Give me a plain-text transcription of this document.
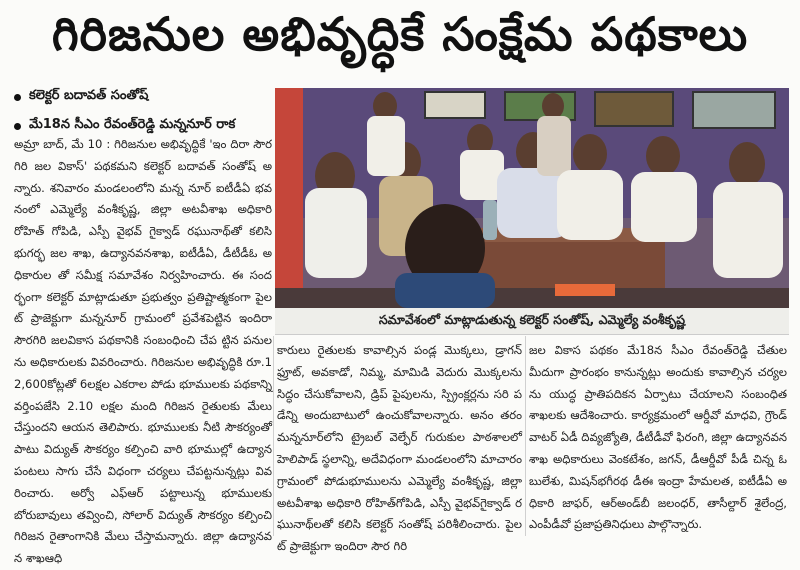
గిరిజనుల అభివృద్ధికే సంక్షేమ పథకాలు
కలెక్టర్ బదావత్ సంతోష్
మే18న సీఎం రేవంత్‌రెడ్డి మన్ననూర్ రాక
అమ్రా బాద్, మే 10 : గిరిజనుల అభివృద్ధికే 'ఇం దిరా సౌరగిరి జల వికాస్' పథకమని కలెక్టర్ బదావత్ సంతోష్ అన్నారు. శనివారం మండలంలోని మన్న నూర్ ఐటీడీఏ భవనంలో ఎమ్మెల్యే వంశీకృష్ణ, జిల్లా అటవీశాఖ అధికారి రోహిత్ గోపిడి, ఎస్పీ వైభవ్ గైక్వాడ్ రఘునాథ్‌తో కలిసి భుగర్భ జల శాఖ, ఉద్యానవనశాఖ, ఐటీడీఏ, డీటీడీఓ అధికారుల తో సమీక్ష సమావేశం నిర్వహించారు. ఈ సందర్భంగా కలెక్టర్ మాట్లాడుతూ ప్రభుత్వం ప్రతిష్టాత్మకంగా పైలట్ ప్రాజెక్టుగా మన్ననూర్ గ్రామంలో ప్రవేశపెట్టిన ఇందిరా సౌరగిరి జలవికాస పథకానికి సంబంధించి చేప ట్టిన పనులను అధికారులకు వివరించారు. గిరిజనుల అభివృద్ధికి రూ.12,600కోట్లతో 6లక్షల ఎకరాల పోడు భూములకు పథకాన్ని వర్తింపజేసి 2.10 లక్షల మంది గిరిజన రైతులకు మేలు చేస్తుందని ఆయన తెలిపారు. భూములకు నీటి సౌకర్యంతో పాటు విద్యుత్ సౌకర్యం కల్పించి వారి భూముల్లో ఉద్యాన పంటలు సాగు చేసే విధంగా చర్యలు చేపట్టనున్నట్లు వివరించారు. అర్వో ఎఫ్ఆర్ పట్టాలున్న భూములకు బోరుబావులు తవ్వించి, సోలార్ విద్యుత్ సౌకర్యం కల్పించి గిరిజన రైతాంగానికి మేలు చేస్తామన్నారు. జిల్లా ఉద్యానవన శాఖఆధి
సమావేశంలో మాట్లాడుతున్న కలెక్టర్ సంతోష్, ఎమ్మెల్యే వంశీకృష్ణ
కారులు రైతులకు కావాల్సిన పండ్ల మొక్కలు, డ్రాగన్ ఫ్రూట్, అవకాడో, నిమ్మ, మామిడి వెదురు మొక్కలను సిద్ధం చేసుకోవాలని, డ్రిప్ పైపులను, స్ప్రింక్లర్లను సరి పడేన్ని అందుబాటులో ఉంచుకోవాలన్నారు. అనం తరం మన్ననూర్‌లోని ట్రైబల్ వెల్ఫేర్ గురుకుల పాఠశాలలో హెలిపాడ్ స్థలాన్ని, అదేవిధంగా మండలంలోని మాచారం గ్రామంలో పోడుభూములను ఎమ్మెల్యే వంశీకృష్ణ, జిల్లా అటవీశాఖ అధికారి రోహిత్‌గోపిడి, ఎస్పీ వైభవ్‌గైక్వాడ్ రఘునాథ్‌లతో కలిసి కలెక్టర్ సంతోష్ పరిశీలించారు. పైలట్ ప్రాజెక్టుగా ఇందిరా సౌర గిరి
జల వికాస పథకం మే18న సీఎం రేవంత్‌రెడ్డి చేతుల మీదుగా ప్రారంభం కానున్నట్లు అందుకు కావాల్సిన చర్యలను యుద్ధ ప్రాతిపదికన ఏర్పాటు చేయాలని సంబంధిత శాఖలకు ఆదేశించారు. కార్యక్రమంలో ఆర్డీవో మాధవి, గ్రౌండ్ వాటర్ ఏడీ దివ్యజ్యోతి, డీటీడీవో ఫిరంగి, జిల్లా ఉద్యానవనశాఖ అధికారులు వెంకటేశం, జగన్, డీఆర్డీవో పీడీ చిన్న ఓబులేశు, మిషన్‌భగీరథ డీఈ ఇంద్రా హేమలత, ఐటీడీఏ అధికారి జాఫర్, ఆర్‌అండ్‌బీ జలంధర్, తాసీల్దార్ శైలేంద్ర, ఎంపీడీవో ప్రజాప్రతినిధులు పాల్గొన్నారు.
